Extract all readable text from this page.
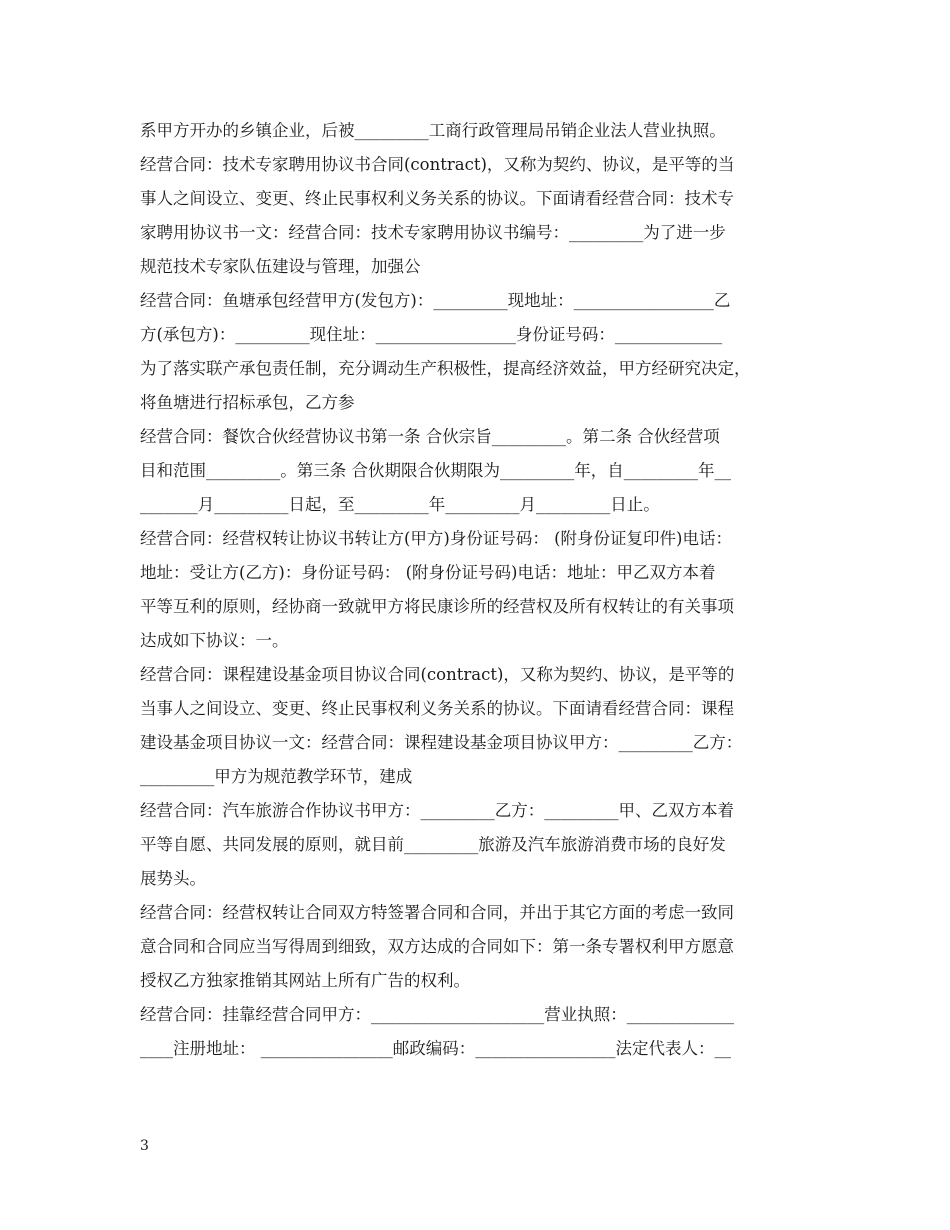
系甲方开办的乡镇企业，后被_________工商行政管理局吊销企业法人营业执照。
经营合同：技术专家聘用协议书合同(contract)，又称为契约、协议，是平等的当
事人之间设立、变更、终止民事权利义务关系的协议。下面请看经营合同：技术专
家聘用协议书一文：经营合同：技术专家聘用协议书编号：_________为了进一步
规范技术专家队伍建设与管理，加强公
经营合同：鱼塘承包经营甲方(发包方)：_________现地址：_________________乙
方(承包方)：_________现住址：_________________身份证号码：_____________
为了落实联产承包责任制，充分调动生产积极性，提高经济效益，甲方经研究决定，
将鱼塘进行招标承包，乙方参
经营合同：餐饮合伙经营协议书第一条 合伙宗旨_________。第二条 合伙经营项
目和范围_________。第三条 合伙期限合伙期限为_________年，自_________年__
_______月_________日起，至_________年_________月_________日止。
经营合同：经营权转让协议书转让方(甲方)身份证号码： (附身份证复印件)电话：
地址：受让方(乙方)：身份证号码： (附身份证号码)电话：地址：甲乙双方本着
平等互利的原则，经协商一致就甲方将民康诊所的经营权及所有权转让的有关事项
达成如下协议：一。
经营合同：课程建设基金项目协议合同(contract)，又称为契约、协议，是平等的
当事人之间设立、变更、终止民事权利义务关系的协议。下面请看经营合同：课程
建设基金项目协议一文：经营合同：课程建设基金项目协议甲方：_________乙方：
_________甲方为规范教学环节，建成
经营合同：汽车旅游合作协议书甲方：_________乙方：_________甲、乙双方本着
平等自愿、共同发展的原则，就目前_________旅游及汽车旅游消费市场的良好发
展势头。
经营合同：经营权转让合同双方特签署合同和合同，并出于其它方面的考虑一致同
意合同和合同应当写得周到细致，双方达成的合同如下：第一条专署权利甲方愿意
授权乙方独家推销其网站上所有广告的权利。
经营合同：挂靠经营合同甲方：_____________________营业执照：_____________
____注册地址： ________________邮政编码：_________________法定代表人：__
3
